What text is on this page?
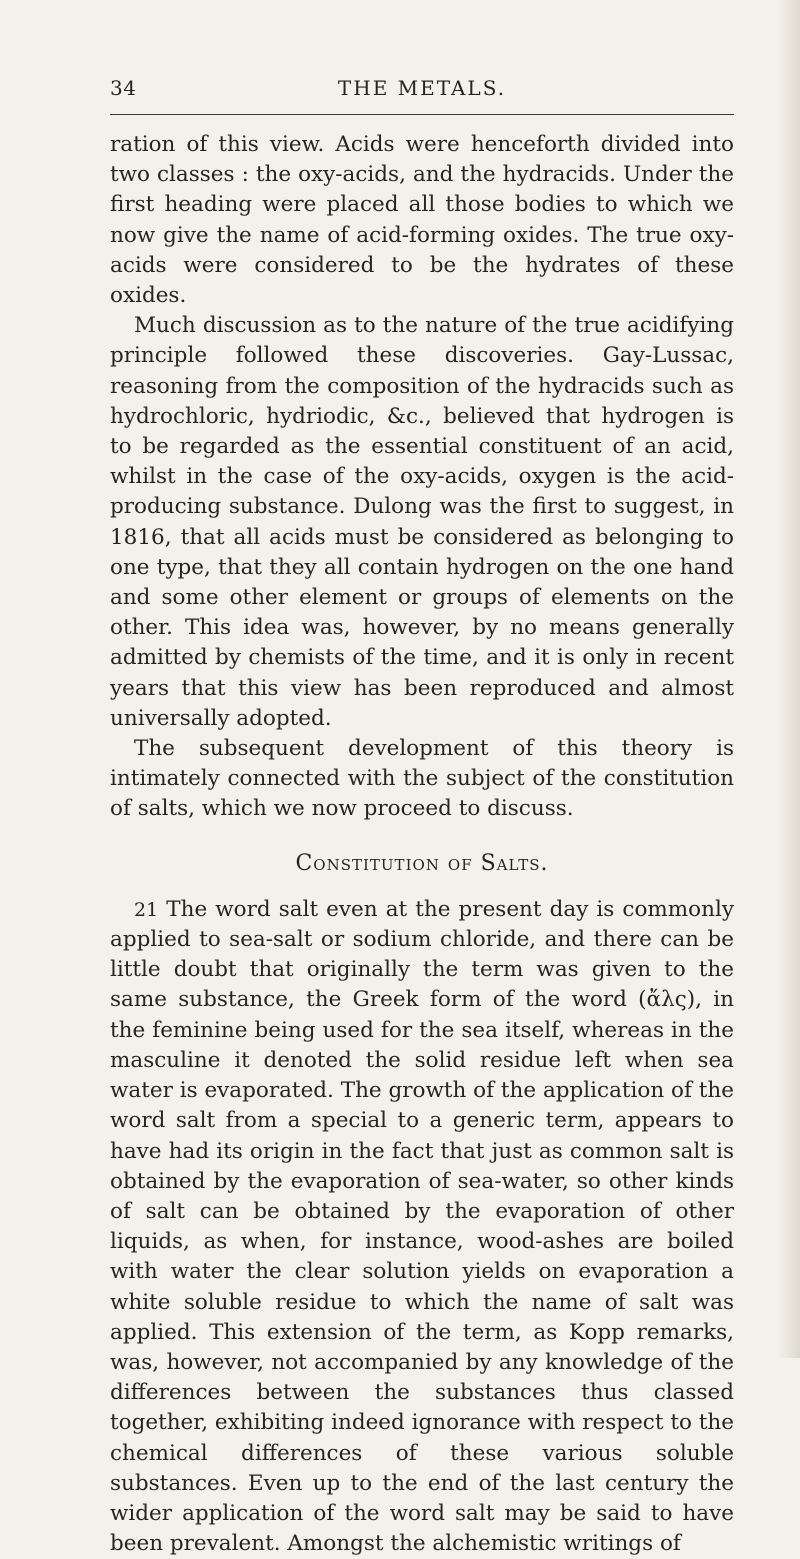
34	THE METALS.

ration of this view. Acids were henceforth divided into two classes : the oxy-acids, and the hydracids. Under the first heading were placed all those bodies to which we now give the name of acid-forming oxides. The true oxy-acids were considered to be the hydrates of these oxides.

Much discussion as to the nature of the true acidifying principle followed these discoveries. Gay-Lussac, reasoning from the composition of the hydracids such as hydrochloric, hydriodic, &c., believed that hydrogen is to be regarded as the essential constituent of an acid, whilst in the case of the oxy-acids, oxygen is the acid-producing substance. Dulong was the first to suggest, in 1816, that all acids must be considered as belonging to one type, that they all contain hydrogen on the one hand and some other element or groups of elements on the other. This idea was, however, by no means generally admitted by chemists of the time, and it is only in recent years that this view has been reproduced and almost universally adopted.

The subsequent development of this theory is intimately connected with the subject of the constitution of salts, which we now proceed to discuss.

Constitution of Salts.

21 The word salt even at the present day is commonly applied to sea-salt or sodium chloride, and there can be little doubt that originally the term was given to the same substance, the Greek form of the word (ἄλς), in the feminine being used for the sea itself, whereas in the masculine it denoted the solid residue left when sea water is evaporated. The growth of the application of the word salt from a special to a generic term, appears to have had its origin in the fact that just as common salt is obtained by the evaporation of sea-water, so other kinds of salt can be obtained by the evaporation of other liquids, as when, for instance, wood-ashes are boiled with water the clear solution yields on evaporation a white soluble residue to which the name of salt was applied. This extension of the term, as Kopp remarks, was, however, not accompanied by any knowledge of the differences between the substances thus classed together, exhibiting indeed ignorance with respect to the chemical differences of these various soluble substances. Even up to the end of the last century the wider application of the word salt may be said to have been prevalent. Amongst the alchemistic writings of
